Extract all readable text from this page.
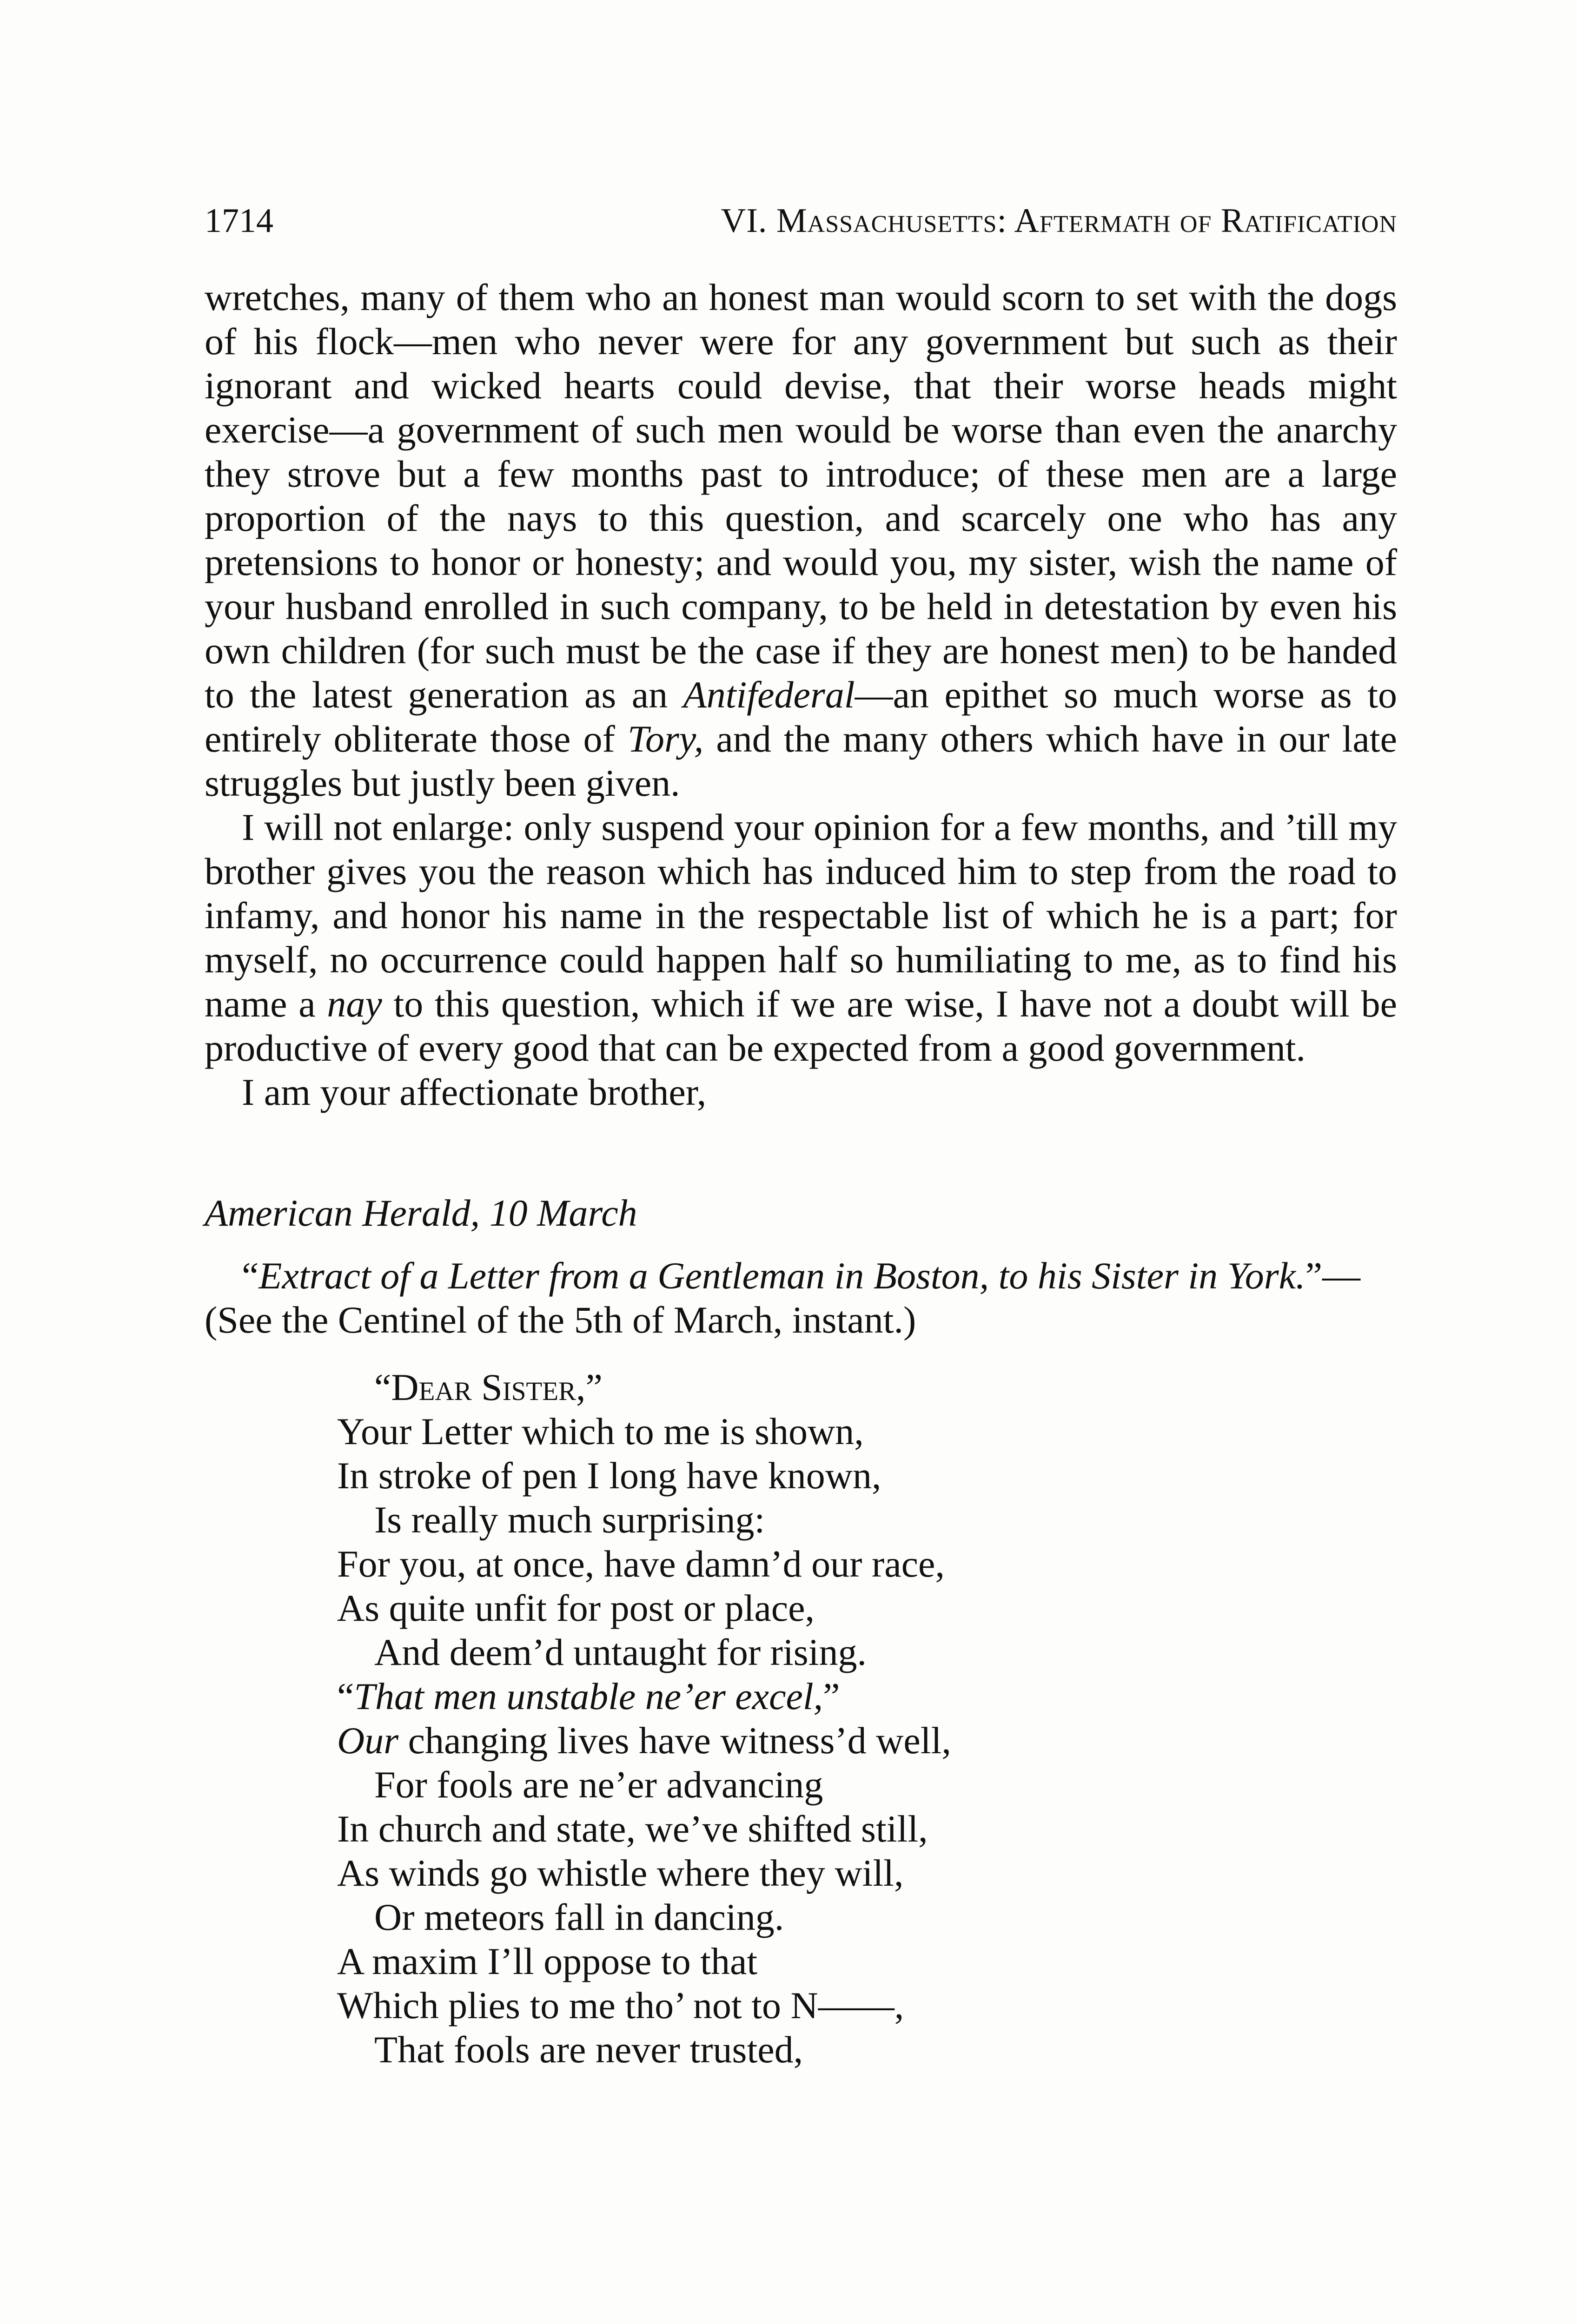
1714	VI. Massachusetts: Aftermath of Ratification

wretches, many of them who an honest man would scorn to set with the dogs of his flock—men who never were for any government but such as their ignorant and wicked hearts could devise, that their worse heads might exercise—a government of such men would be worse than even the anarchy they strove but a few months past to introduce; of these men are a large proportion of the nays to this question, and scarcely one who has any pretensions to honor or honesty; and would you, my sister, wish the name of your husband enrolled in such company, to be held in detestation by even his own children (for such must be the case if they are honest men) to be handed to the latest generation as an Antifederal—an epithet so much worse as to entirely obliterate those of Tory, and the many others which have in our late struggles but justly been given.

I will not enlarge: only suspend your opinion for a few months, and ’till my brother gives you the reason which has induced him to step from the road to infamy, and honor his name in the respectable list of which he is a part; for myself, no occurrence could happen half so humiliating to me, as to find his name a nay to this question, which if we are wise, I have not a doubt will be productive of every good that can be expected from a good government.

I am your affectionate brother,

American Herald, 10 March
“Extract of a Letter from a Gentleman in Boston, to his Sister in York.”—
(See the Centinel of the 5th of March, instant.)
“Dear Sister,”
Your Letter which to me is shown,
In stroke of pen I long have known,
Is really much surprising:
For you, at once, have damn’d our race,
As quite unfit for post or place,
And deem’d untaught for rising.
“That men unstable ne’er excel,”
Our changing lives have witness’d well,
For fools are ne’er advancing
In church and state, we’ve shifted still,
As winds go whistle where they will,
Or meteors fall in dancing.
A maxim I’ll oppose to that
Which plies to me tho’ not to N——,
That fools are never trusted,
